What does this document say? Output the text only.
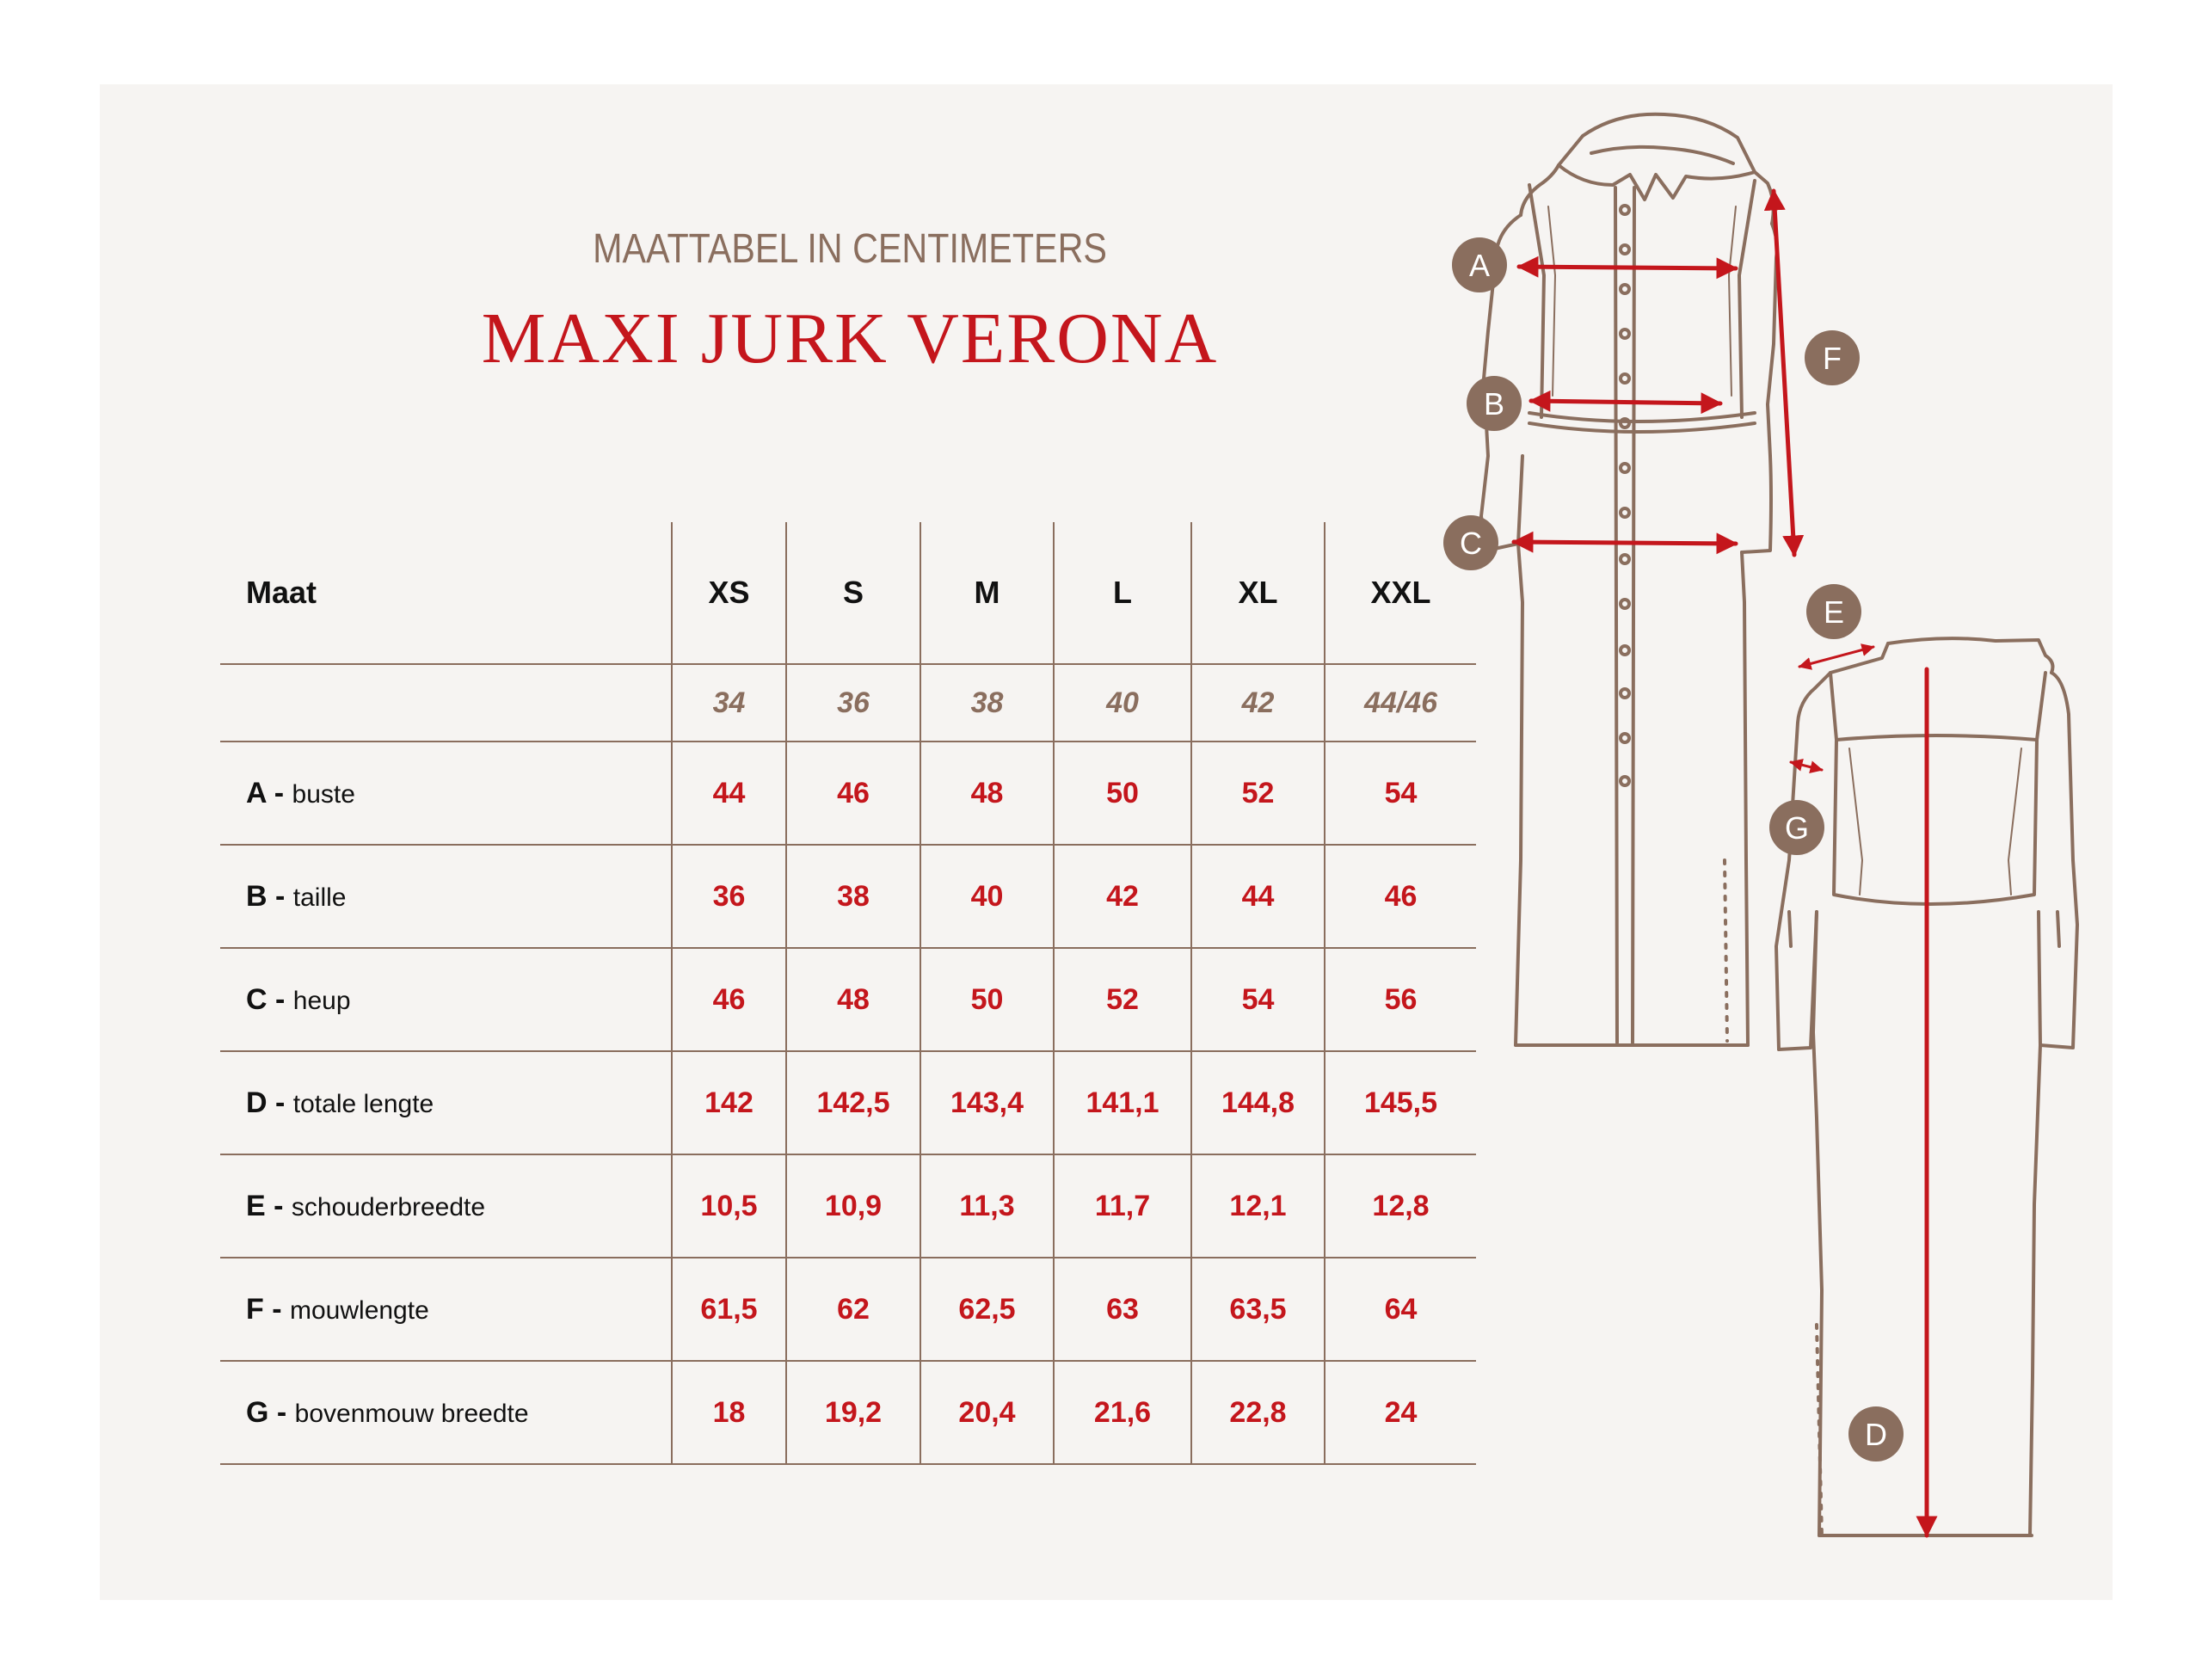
MAATTABEL IN CENTIMETERS
MAXI JURK VERONA
Maat	XS	S	M	L	XL	XXL
	34	36	38	40	42	44/46
A - buste	44	46	48	50	52	54
B - taille	36	38	40	42	44	46
C - heup	46	48	50	52	54	56
D - totale lengte	142	142,5	143,4	141,1	144,8	145,5
E - schouderbreedte	10,5	10,9	11,3	11,7	12,1	12,8
F - mouwlengte	61,5	62	62,5	63	63,5	64
G - bovenmouw breedte	18	19,2	20,4	21,6	22,8	24
A
B
C
D
E
F
G
